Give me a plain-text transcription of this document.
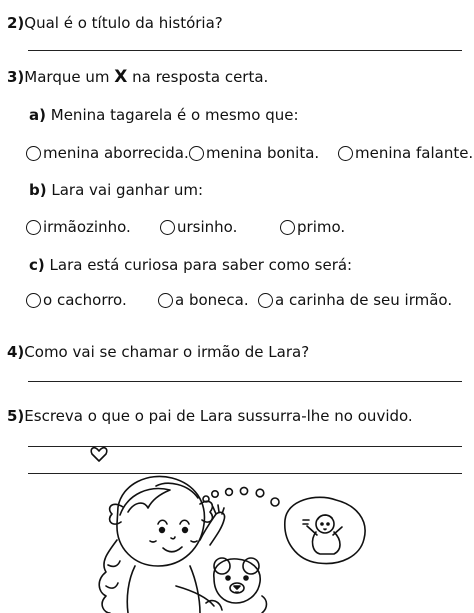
2)Qual é o título da história?
3)Marque um X na resposta certa.
a) Menina tagarela é o mesmo que:
menina aborrecida. menina bonita. menina falante.
b) Lara vai ganhar um:
irmãozinho.	ursinho.	primo.
c) Lara está curiosa para saber como será:
o cachorro.	a boneca. a carinha de seu irmão.
4)Como vai se chamar o irmão de Lara?
5)Escreva o que o pai de Lara sussurra-lhe no ouvido.
